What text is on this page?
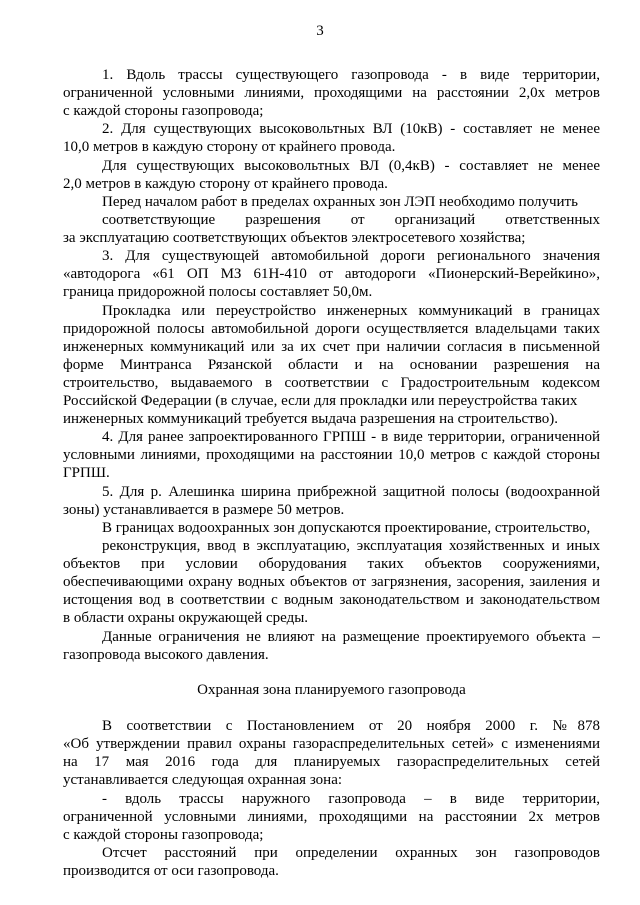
3

1. Вдоль трассы существующего газопровода - в виде территории,

ограниченной условными линиями, проходящими на расстоянии 2,0х метров

с каждой стороны газопровода;

2. Для существующих высоковольтных ВЛ (10кВ) - составляет не менее

10,0 метров в каждую сторону от крайнего провода.

Для существующих высоковольтных ВЛ (0,4кВ) - составляет не менее

2,0 метров в каждую сторону от крайнего провода.

Перед началом работ в пределах охранных зон ЛЭП необходимо получить

соответствующие разрешения от организаций ответственных

за эксплуатацию соответствующих объектов электросетевого хозяйства;

3. Для существующей автомобильной дороги регионального значения

«автодорога «61 ОП МЗ 61Н-410 от автодороги «Пионерский-Верейкино»,

граница придорожной полосы составляет 50,0м.

Прокладка или переустройство инженерных коммуникаций в границах

придорожной полосы автомобильной дороги осуществляется владельцами таких

инженерных коммуникаций или за их счет при наличии согласия в письменной

форме Минтранса Рязанской области и на основании разрешения на

строительство, выдаваемого в соответствии с Градостроительным кодексом

Российской Федерации (в случае, если для прокладки или переустройства таких

инженерных коммуникаций требуется выдача разрешения на строительство).

4. Для ранее запроектированного ГРПШ - в виде территории, ограниченной

условными линиями, проходящими на расстоянии 10,0 метров с каждой стороны

ГРПШ.

5. Для р. Алешинка ширина прибрежной защитной полосы (водоохранной

зоны) устанавливается в размере 50 метров.

В границах водоохранных зон допускаются проектирование, строительство,

реконструкция, ввод в эксплуатацию, эксплуатация хозяйственных и иных

объектов при условии оборудования таких объектов сооружениями,

обеспечивающими охрану водных объектов от загрязнения, засорения, заиления и

истощения вод в соответствии с водным законодательством и законодательством

в области охраны окружающей среды.

Данные ограничения не влияют на размещение проектируемого объекта –

газопровода высокого давления.

Охранная зона планируемого газопровода

В соответствии с Постановлением от 20 ноября 2000 г. №878

«Об утверждении правил охраны газораспределительных сетей» с изменениями

на 17 мая 2016 года для планируемых газораспределительных сетей

устанавливается следующая охранная зона:

- вдоль трассы наружного газопровода – в виде территории,

ограниченной условными линиями, проходящими на расстоянии 2х метров

с каждой стороны газопровода;

Отсчет расстояний при определении охранных зон газопроводов

производится от оси газопровода.
